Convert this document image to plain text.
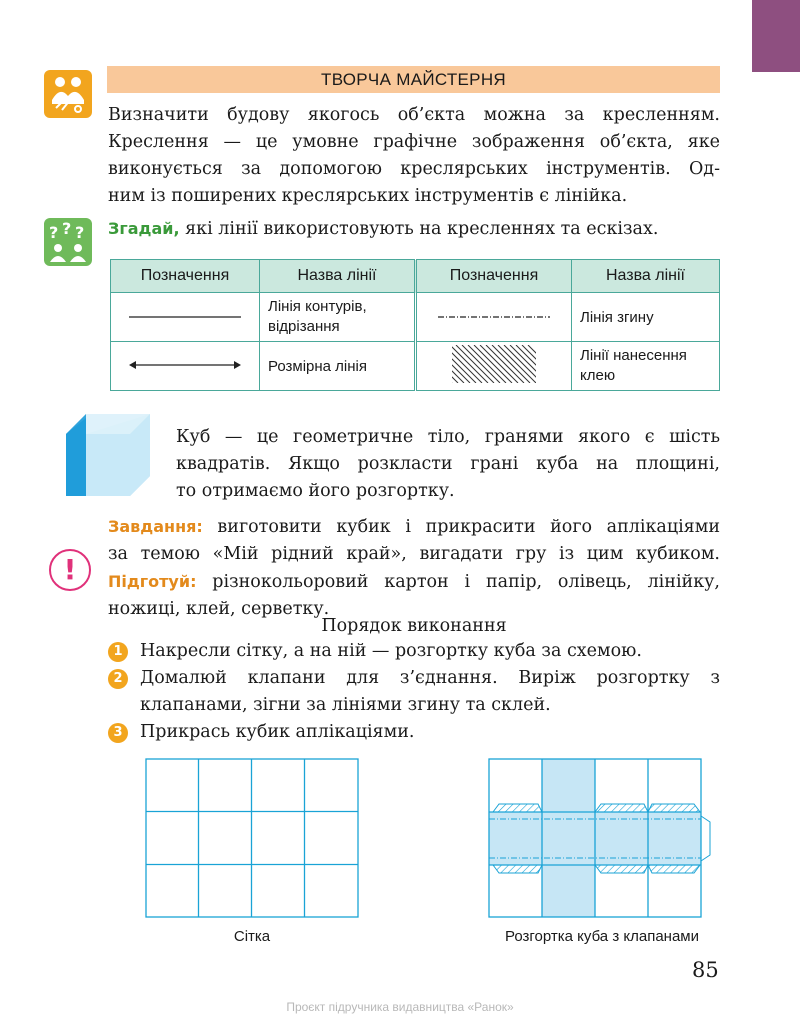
ТВОРЧА МАЙСТЕРНЯ
Визначити будову якогось об’єкта можна за кресленням.
Креслення — це умовне графічне зображення об’єкта, яке
виконується за допомогою креслярських інструментів. Од-
ним із поширених креслярських інструментів є лінійка.
? ? ? Згадай, які лінії використовують на кресленнях та ескізах.
Позначення	Назва лінії	Позначення	Назва лінії
	Лінія контурів, відрізання		Лінія згину
	Розмірна лінія		Лінії нанесення клею
Куб — це геометричне тіло, гранями якого є шість
квадратів. Якщо розкласти грані куба на площині,
то отримаємо його розгортку.
!
Завдання: виготовити кубик і прикрасити його аплікаціями
за темою «Мій рідний край», вигадати гру із цим кубиком.
Підготуй: різнокольоровий картон і папір, олівець, лінійку,
ножиці, клей, серветку.
Порядок виконання
1 Накресли сітку, а на ній — розгортку куба за схемою.
2 Домалюй клапани для з’єднання. Виріж розгортку з
клапанами, зігни за лініями згину та склей.
3 Прикрась кубик аплікаціями.
Сітка	Розгортка куба з клапанами
85
Проєкт підручника видавництва «Ранок»
